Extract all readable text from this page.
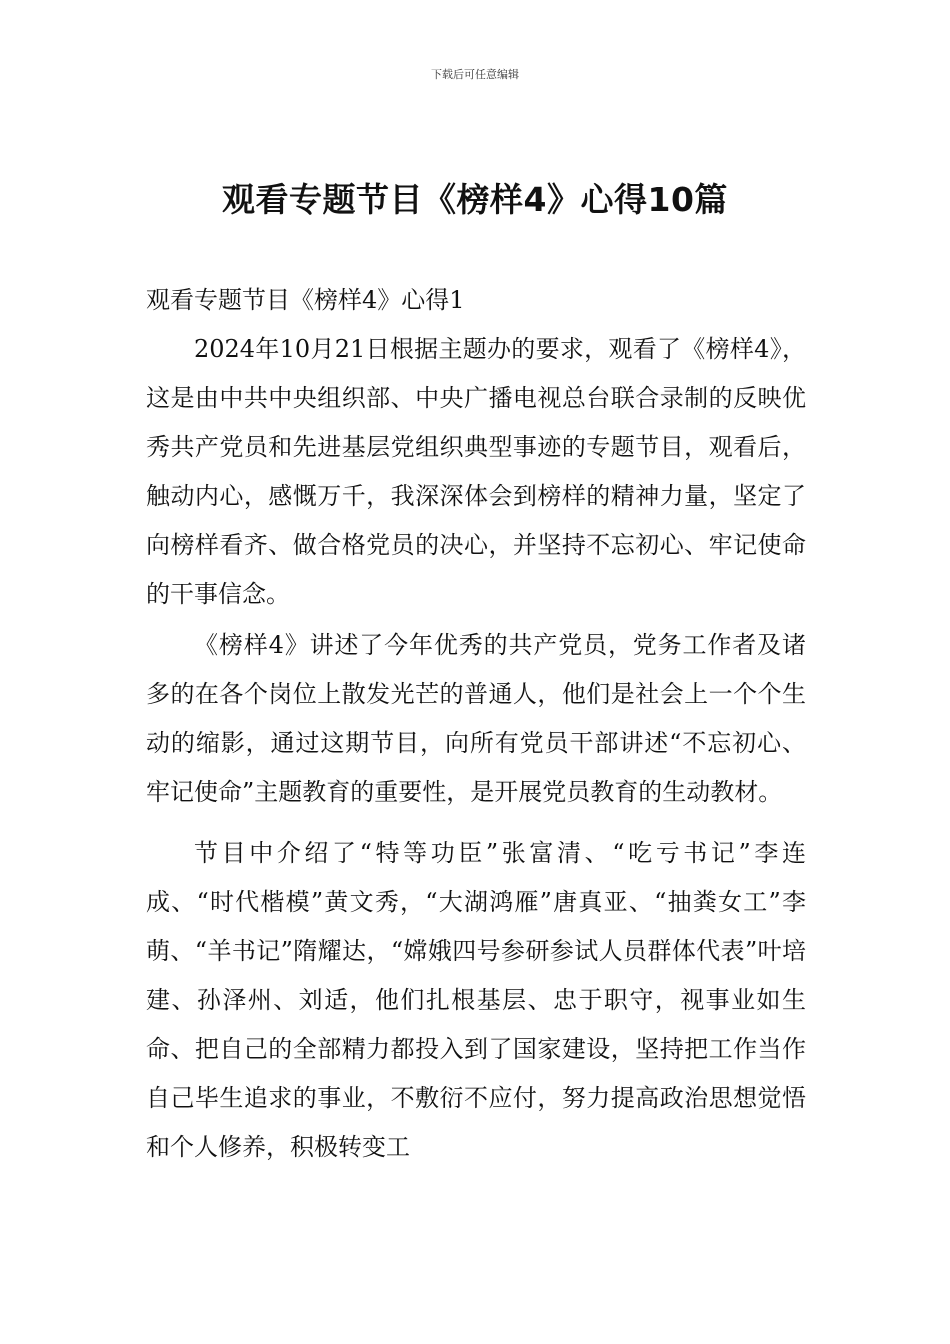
下载后可任意编辑
观看专题节目《榜样4》心得10篇
观看专题节目《榜样4》心得1

2024年10月21日根据主题办的要求，观看了《榜样4》，这是由中共中央组织部、中央广播电视总台联合录制的反映优秀共产党员和先进基层党组织典型事迹的专题节目，观看后，触动内心，感慨万千，我深深体会到榜样的精神力量，坚定了向榜样看齐、做合格党员的决心，并坚持不忘初心、牢记使命的干事信念。

《榜样4》讲述了今年优秀的共产党员，党务工作者及诸多的在各个岗位上散发光芒的普通人，他们是社会上一个个生动的缩影，通过这期节目，向所有党员干部讲述“不忘初心、牢记使命”主题教育的重要性，是开展党员教育的生动教材。

节目中介绍了“特等功臣”张富清、“吃亏书记”李连成、“时代楷模”黄文秀，“大湖鸿雁”唐真亚、“抽粪女工”李萌、“羊书记”隋耀达，“嫦娥四号参研参试人员群体代表”叶培建、孙泽州、刘适，他们扎根基层、忠于职守，视事业如生命、把自己的全部精力都投入到了国家建设，坚持把工作当作自己毕生追求的事业，不敷衍不应付，努力提高政治思想觉悟和个人修养，积极转变工
